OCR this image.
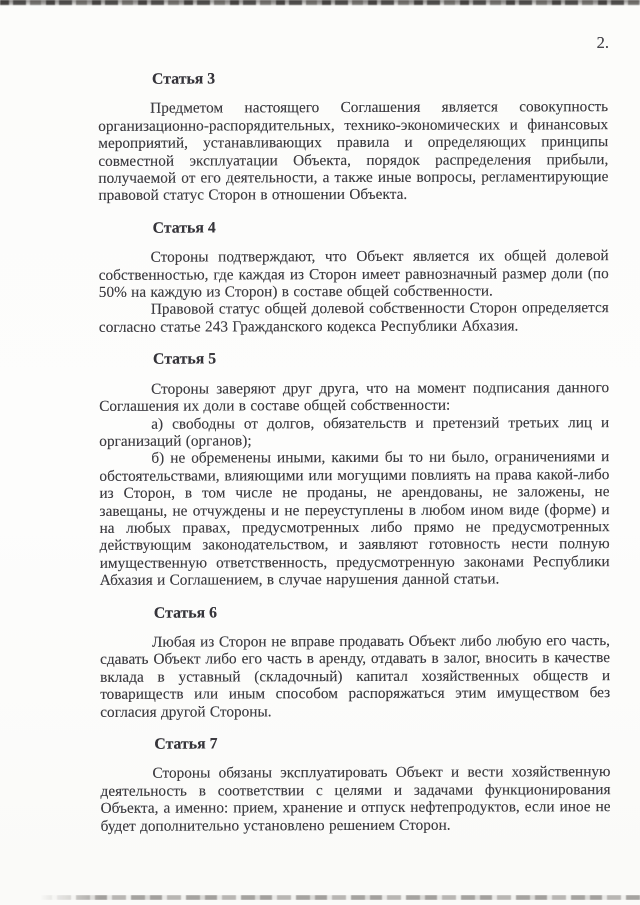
2.
Статья 3

Предметом настоящего Соглашения является совокупность организационно-распорядительных, технико-экономических и финансовых мероприятий, устанавливающих правила и определяющих принципы совместной эксплуатации Объекта, порядок распределения прибыли, получаемой от его деятельности, а также иные вопросы, регламентирующие правовой статус Сторон в отношении Объекта.

Статья 4

Стороны подтверждают, что Объект является их общей долевой собственностью, где каждая из Сторон имеет равнозначный размер доли (по 50% на каждую из Сторон) в составе общей собственности.

Правовой статус общей долевой собственности Сторон определяется согласно статье 243 Гражданского кодекса Республики Абхазия.

Статья 5

Стороны заверяют друг друга, что на момент подписания данного Соглашения их доли в составе общей собственности:

а) свободны от долгов, обязательств и претензий третьих лиц и организаций (органов);

б) не обременены иными, какими бы то ни было, ограничениями и обстоятельствами, влияющими или могущими повлиять на права какой-либо из Сторон, в том числе не проданы, не арендованы, не заложены, не завещаны, не отчуждены и не переуступлены в любом ином виде (форме) и на любых правах, предусмотренных либо прямо не предусмотренных действующим законодательством, и заявляют готовность нести полную имущественную ответственность, предусмотренную законами Республики Абхазия и Соглашением, в случае нарушения данной статьи.

Статья 6

Любая из Сторон не вправе продавать Объект либо любую его часть, сдавать Объект либо его часть в аренду, отдавать в залог, вносить в качестве вклада в уставный (складочный) капитал хозяйственных обществ и товариществ или иным способом распоряжаться этим имуществом без согласия другой Стороны.

Статья 7

Стороны обязаны эксплуатировать Объект и вести хозяйственную деятельность в соответствии с целями и задачами функционирования Объекта, а именно: прием, хранение и отпуск нефтепродуктов, если иное не будет дополнительно установлено решением Сторон.
